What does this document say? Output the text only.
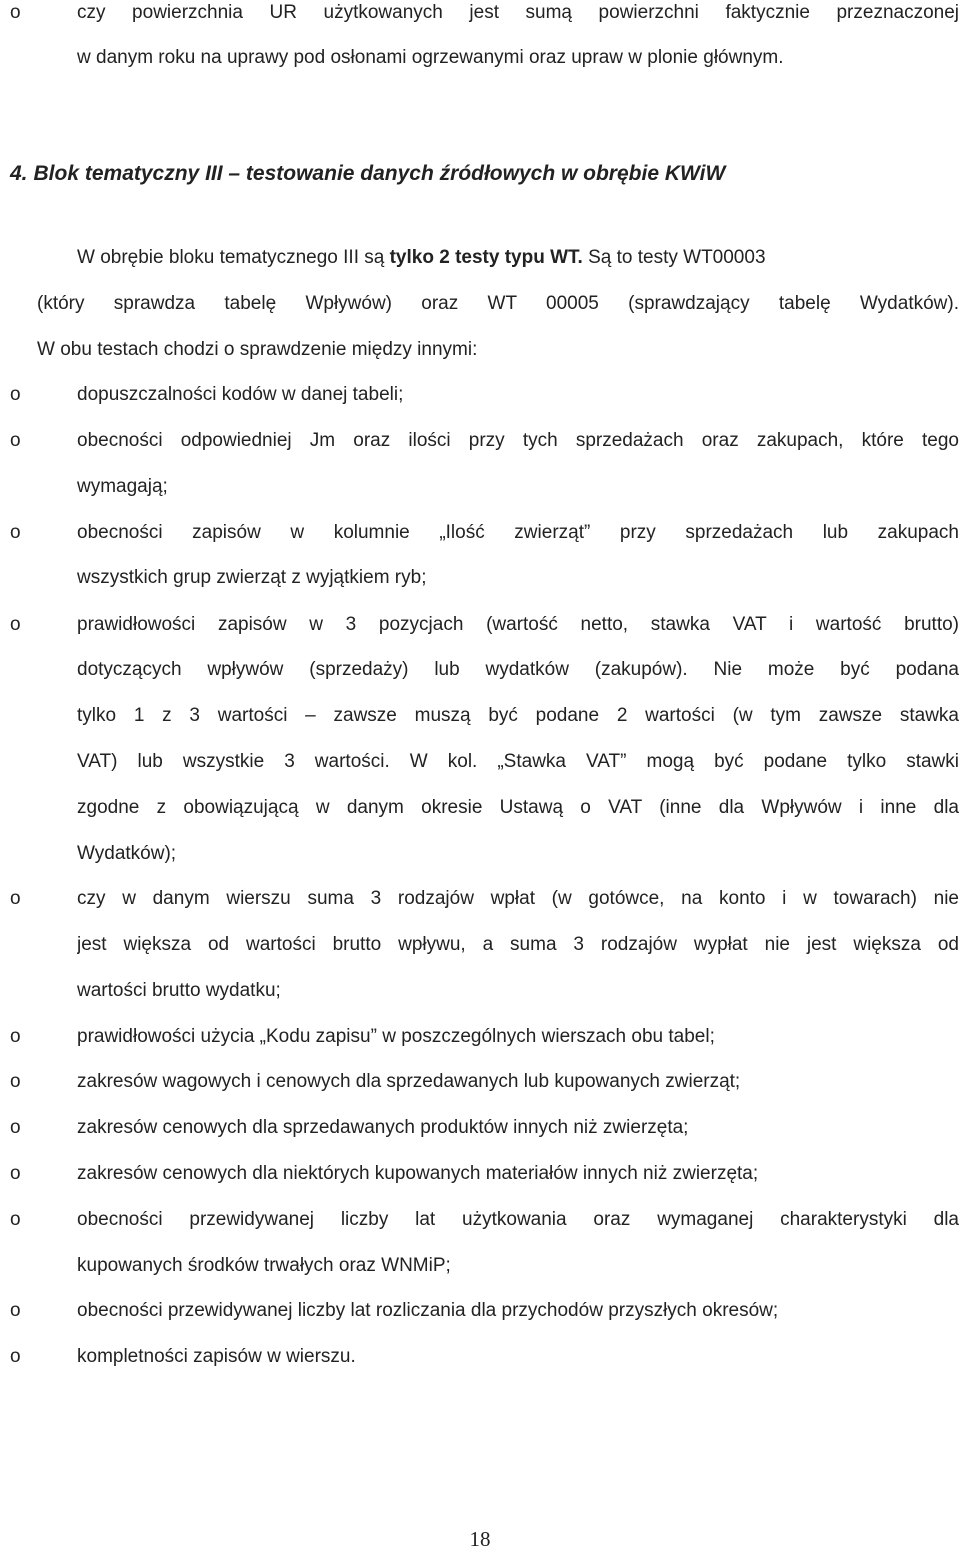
o	czy powierzchnia UR użytkowanych jest sumą powierzchni faktycznie przeznaczonej
w danym roku na uprawy pod osłonami ogrzewanymi oraz upraw w plonie głównym.
4. Blok tematyczny III – testowanie danych źródłowych w obrębie KWiW
W obrębie bloku tematycznego III są tylko 2 testy typu WT. Są to testy WT00003
(który sprawdza tabelę Wpływów) oraz WT 00005 (sprawdzający tabelę Wydatków).
W obu testach chodzi o sprawdzenie między innymi:
o	dopuszczalności kodów w danej tabeli;
o	obecności odpowiedniej Jm oraz ilości przy tych sprzedażach oraz zakupach, które tego
wymagają;
o	obecności zapisów w kolumnie „Ilość zwierząt” przy sprzedażach lub zakupach
wszystkich grup zwierząt z wyjątkiem ryb;
o	prawidłowości zapisów w 3 pozycjach (wartość netto, stawka VAT i wartość brutto)
dotyczących wpływów (sprzedaży) lub wydatków (zakupów). Nie może być podana
tylko 1 z 3 wartości – zawsze muszą być podane 2 wartości (w tym zawsze stawka
VAT) lub wszystkie 3 wartości. W kol. „Stawka VAT” mogą być podane tylko stawki
zgodne z obowiązującą w danym okresie Ustawą o VAT (inne dla Wpływów i inne dla
Wydatków);
o	czy w danym wierszu suma 3 rodzajów wpłat (w gotówce, na konto i w towarach) nie
jest większa od wartości brutto wpływu, a suma 3 rodzajów wypłat nie jest większa od
wartości brutto wydatku;
o	prawidłowości użycia „Kodu zapisu” w poszczególnych wierszach obu tabel;
o	zakresów wagowych i cenowych dla sprzedawanych lub kupowanych zwierząt;
o	zakresów cenowych dla sprzedawanych produktów innych niż zwierzęta;
o	zakresów cenowych dla niektórych kupowanych materiałów innych niż zwierzęta;
o	obecności przewidywanej liczby lat użytkowania oraz wymaganej charakterystyki dla
kupowanych środków trwałych oraz WNMiP;
o	obecności przewidywanej liczby lat rozliczania dla przychodów przyszłych okresów;
o	kompletności zapisów w wierszu.
18
